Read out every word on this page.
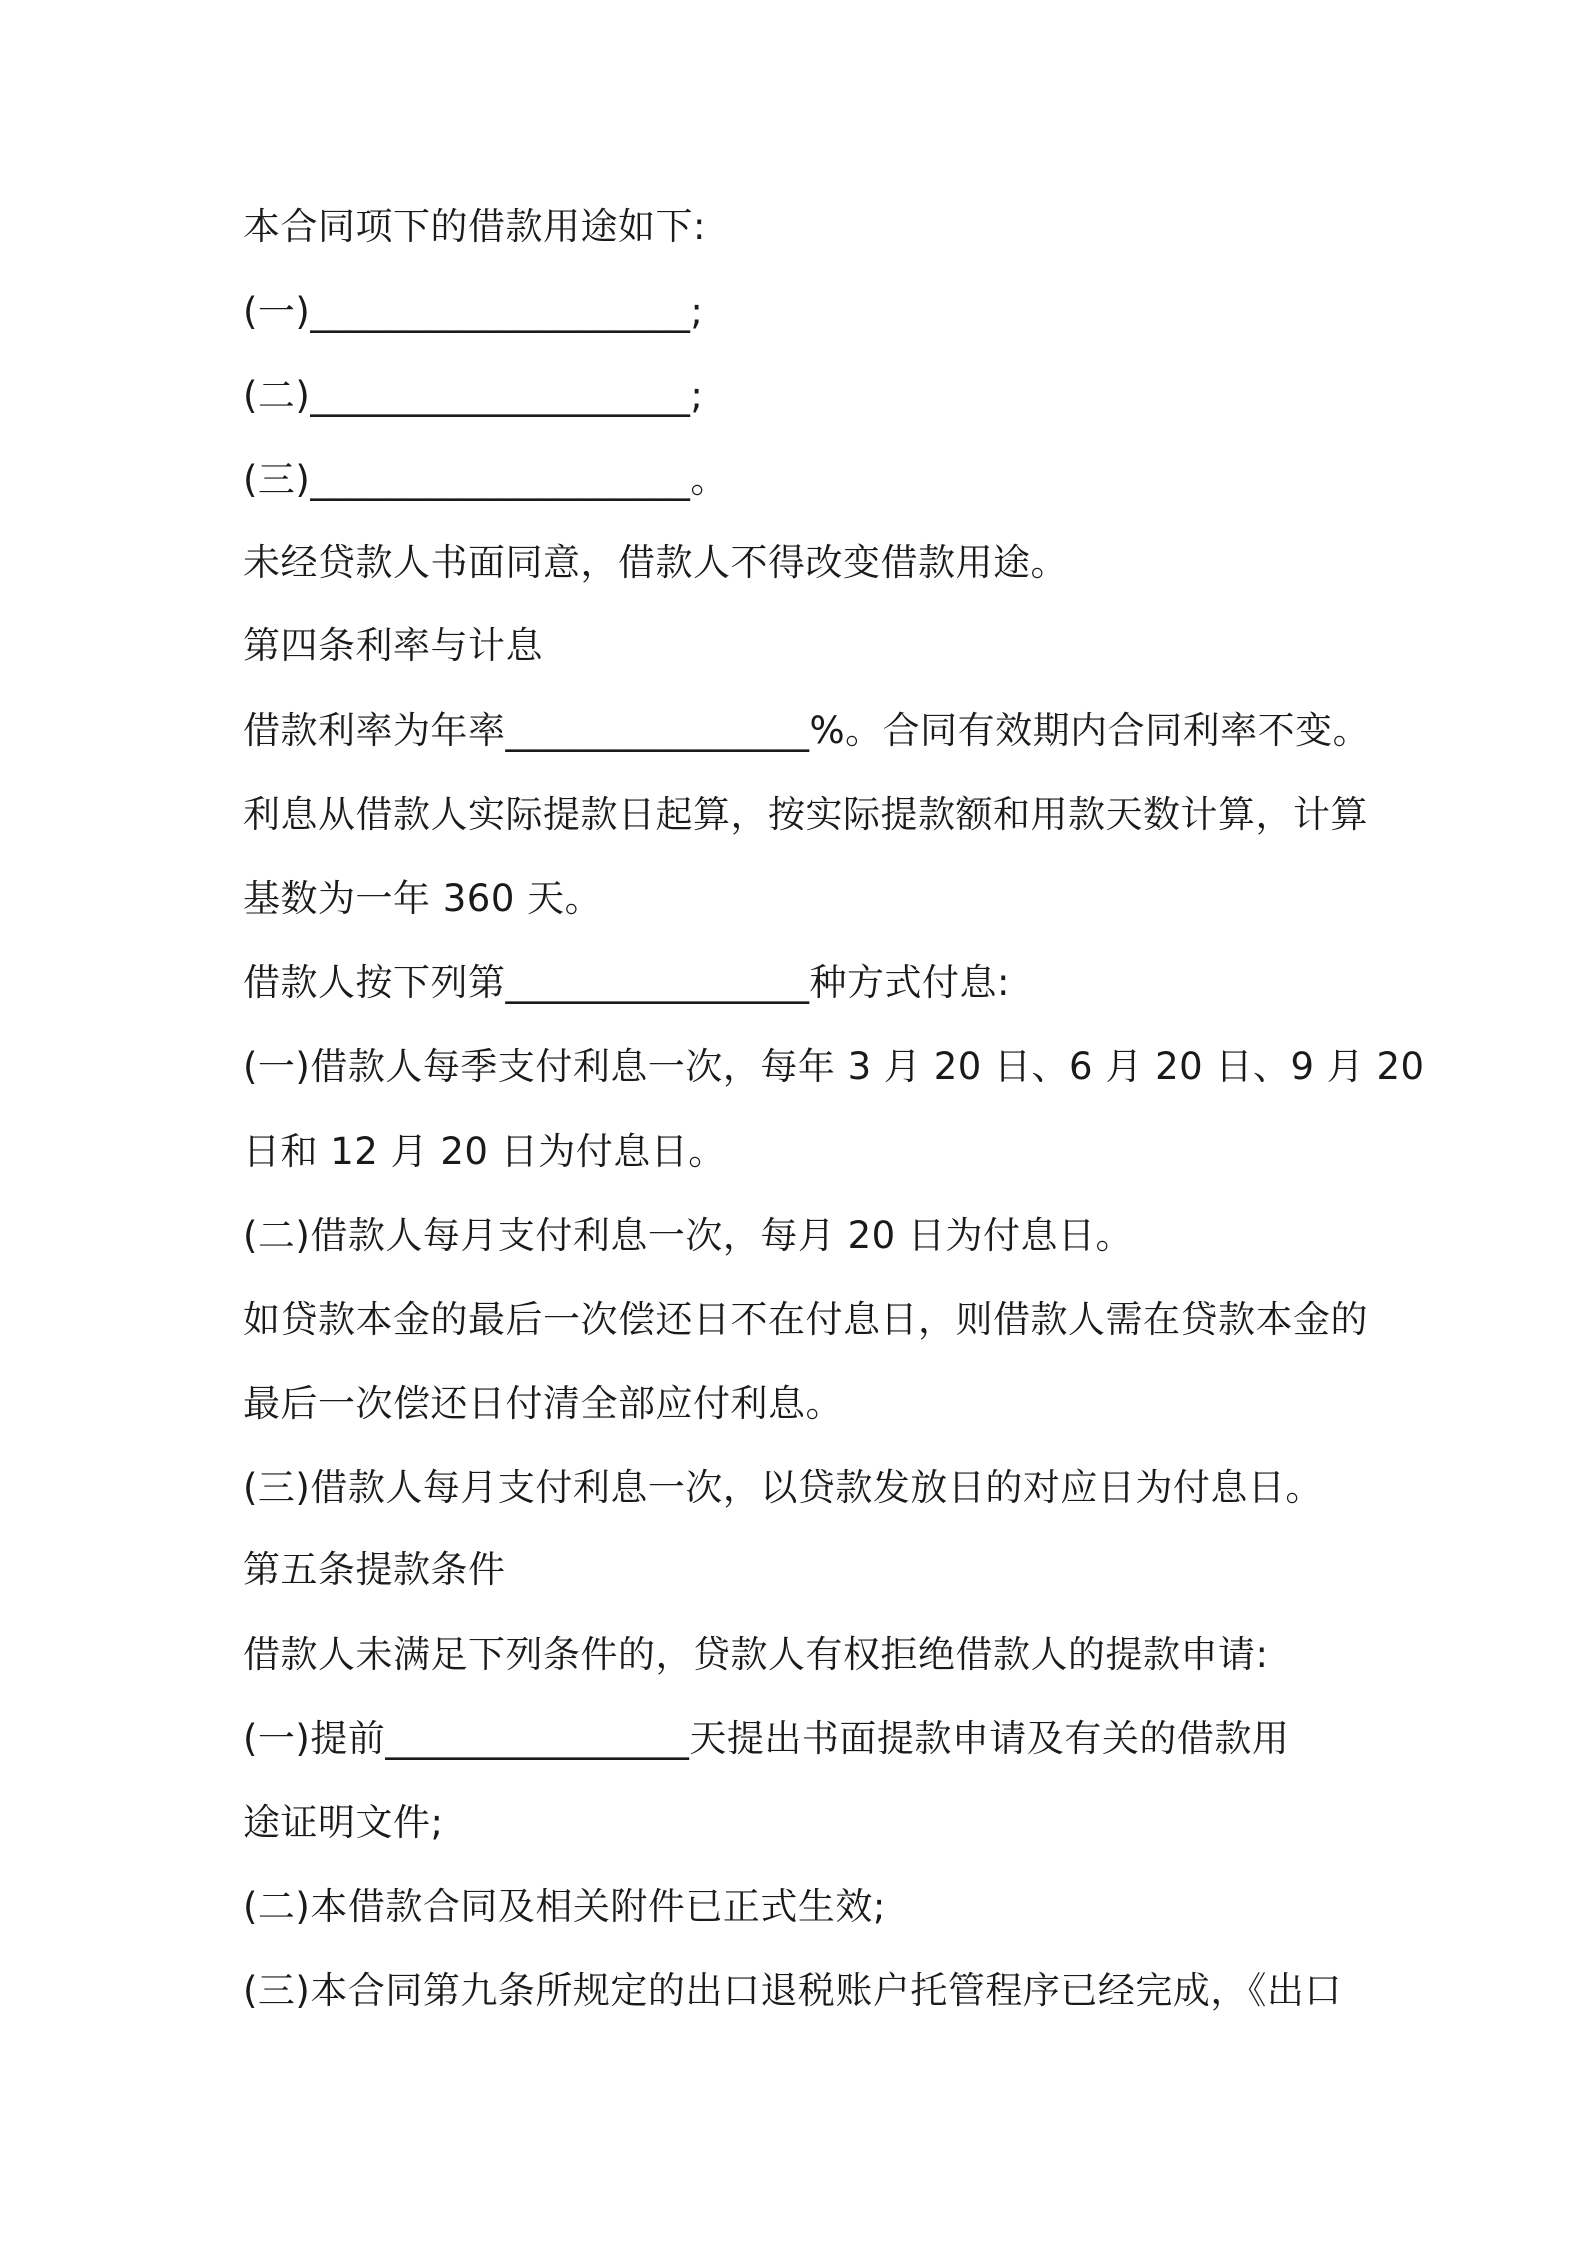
本合同项下的借款用途如下:
(一)____________________;
(二)____________________;
(三)____________________。
未经贷款人书面同意，借款人不得改变借款用途。
第四条利率与计息
借款利率为年率________________%。合同有效期内合同利率不变。
利息从借款人实际提款日起算，按实际提款额和用款天数计算，计算
基数为一年 360 天。
借款人按下列第________________种方式付息:
(一)借款人每季支付利息一次，每年 3 月 20 日、6 月 20 日、9 月 20
日和 12 月 20 日为付息日。
(二)借款人每月支付利息一次，每月 20 日为付息日。
如贷款本金的最后一次偿还日不在付息日，则借款人需在贷款本金的
最后一次偿还日付清全部应付利息。
(三)借款人每月支付利息一次，以贷款发放日的对应日为付息日。
第五条提款条件
借款人未满足下列条件的，贷款人有权拒绝借款人的提款申请:
(一)提前________________天提出书面提款申请及有关的借款用
途证明文件;
(二)本借款合同及相关附件已正式生效;
(三)本合同第九条所规定的出口退税账户托管程序已经完成，《出口
